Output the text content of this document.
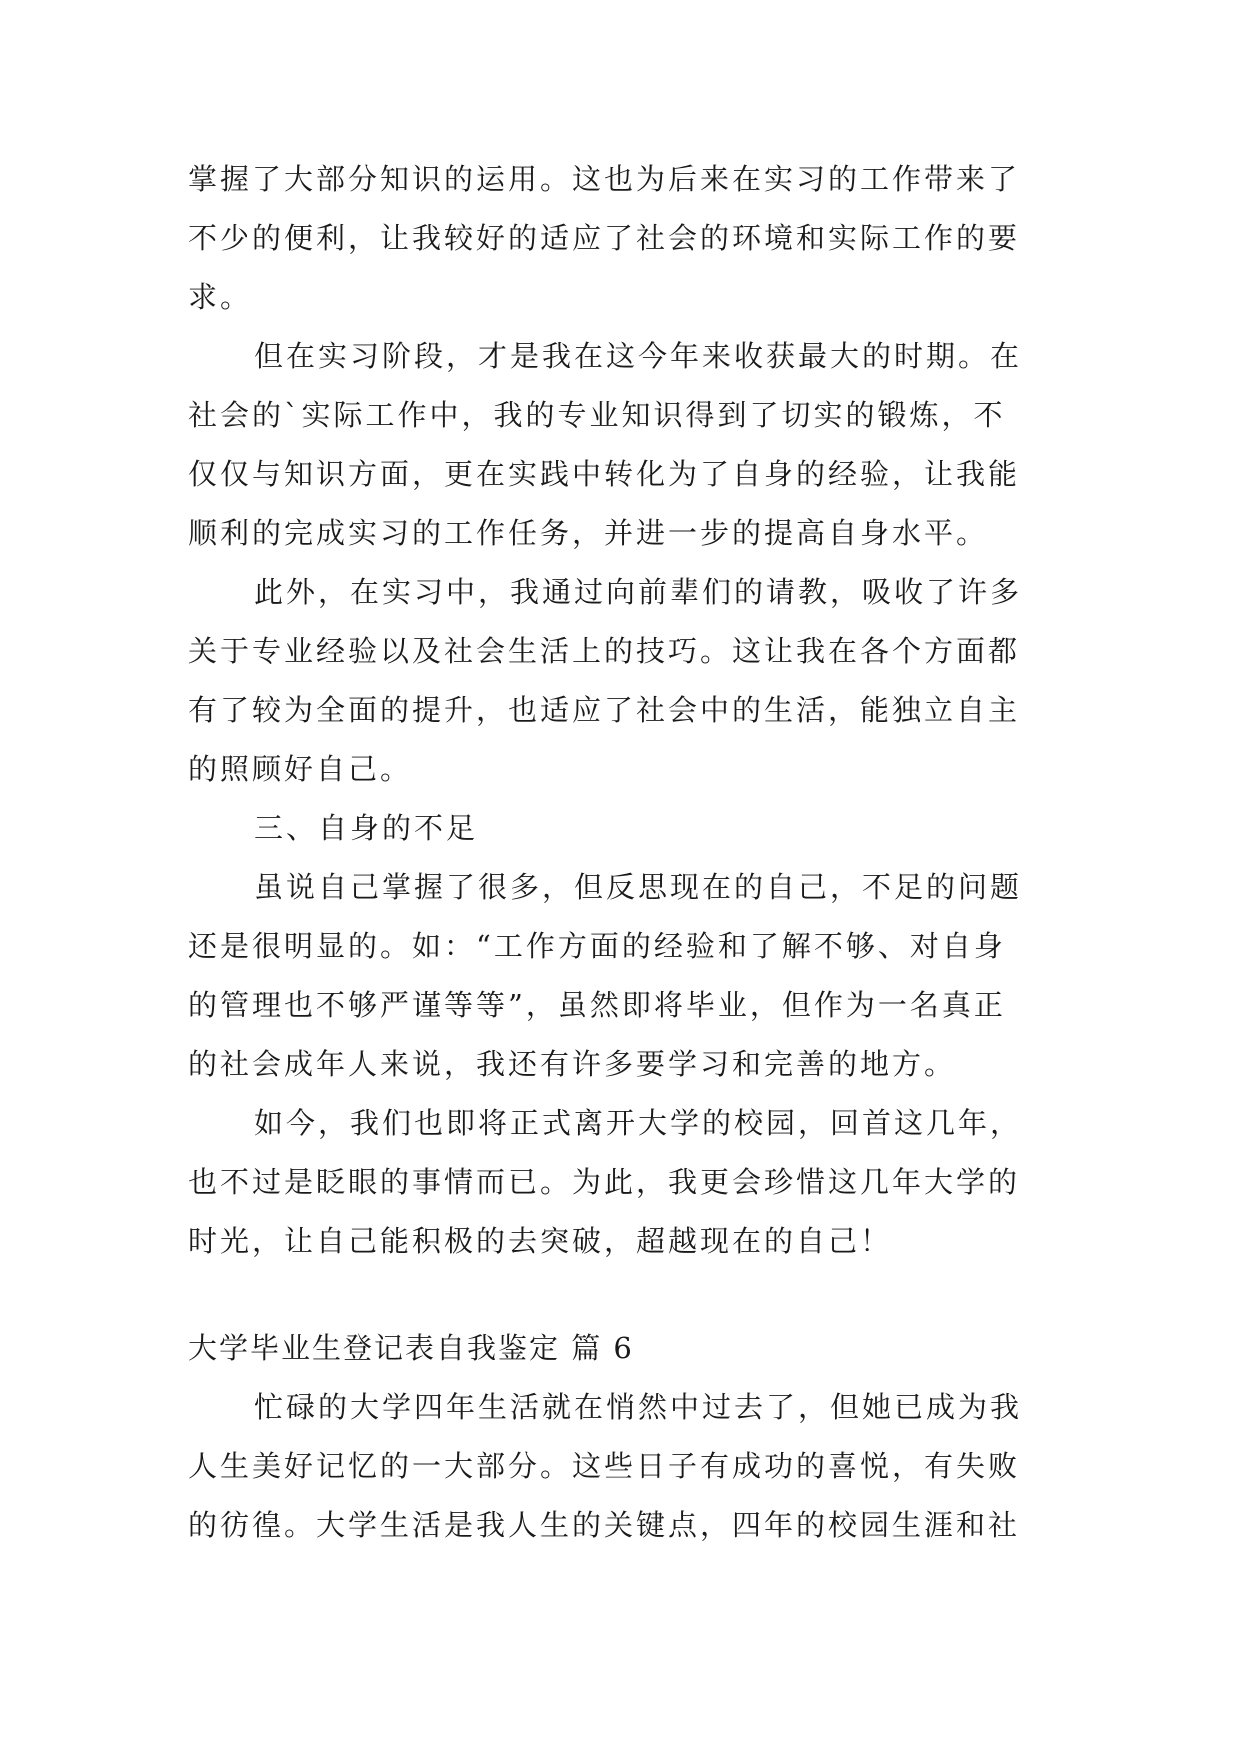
掌握了大部分知识的运用。这也为后来在实习的工作带来了
不少的便利，让我较好的适应了社会的环境和实际工作的要
求。

但在实习阶段，才是我在这今年来收获最大的时期。在
社会的`实际工作中，我的专业知识得到了切实的锻炼，不
仅仅与知识方面，更在实践中转化为了自身的经验，让我能
顺利的完成实习的工作任务，并进一步的提高自身水平。

此外，在实习中，我通过向前辈们的请教，吸收了许多
关于专业经验以及社会生活上的技巧。这让我在各个方面都
有了较为全面的提升，也适应了社会中的生活，能独立自主
的照顾好自己。

三、自身的不足

虽说自己掌握了很多，但反思现在的自己，不足的问题
还是很明显的。如：“工作方面的经验和了解不够、对自身
的管理也不够严谨等等”，虽然即将毕业，但作为一名真正
的社会成年人来说，我还有许多要学习和完善的地方。

如今，我们也即将正式离开大学的校园，回首这几年，
也不过是眨眼的事情而已。为此，我更会珍惜这几年大学的
时光，让自己能积极的去突破，超越现在的自己！

大学毕业生登记表自我鉴定 篇 6

忙碌的大学四年生活就在悄然中过去了，但她已成为我
人生美好记忆的一大部分。这些日子有成功的喜悦，有失败
的彷徨。大学生活是我人生的关键点，四年的校园生涯和社
